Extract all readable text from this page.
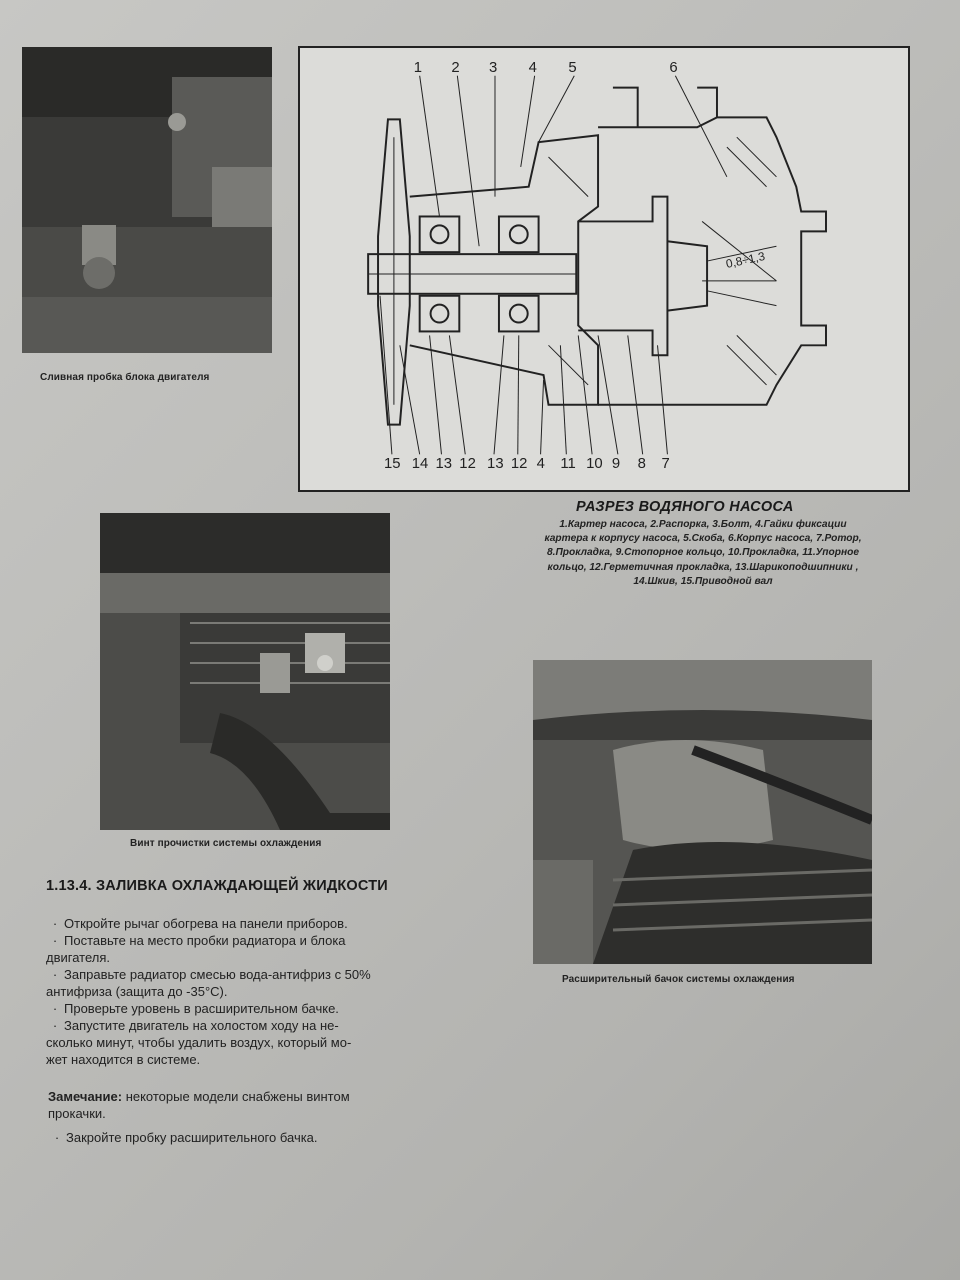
Сливная пробка блока двигателя
1 2 3 4 5	6
15 14 13 12 13 12 4 11 10 9 8 7
0,8÷1,3
РАЗРЕЗ ВОДЯНОГО НАСОСА
1.Картер насоса, 2.Распорка, 3.Болт, 4.Гайки фиксации
картера к корпусу насоса, 5.Скоба, 6.Корпус насоса, 7.Ротор,
8.Прокладка, 9.Стопорное кольцо, 10.Прокладка, 11.Упорное
кольцо, 12.Герметичная прокладка, 13.Шарикоподшипники ,
14.Шкив, 15.Приводной вал
Винт прочистки системы охлаждения
Расширительный бачок системы охлаждения
1.13.4. ЗАЛИВКА ОХЛАЖДАЮЩЕЙ ЖИДКОСТИ
· Откройте рычаг обогрева на панели приборов.
· Поставьте на место пробки радиатора и блока
двигателя.
· Заправьте радиатор смесью вода-антифриз с 50%
антифриза (защита до -35°С).
· Проверьте уровень в расширительном бачке.
· Запустите двигатель на холостом ходу на не-
сколько минут, чтобы удалить воздух, который мо-
жет находится в системе.
Замечание: некоторые модели снабжены винтом
прокачки.
· Закройте пробку расширительного бачка.
